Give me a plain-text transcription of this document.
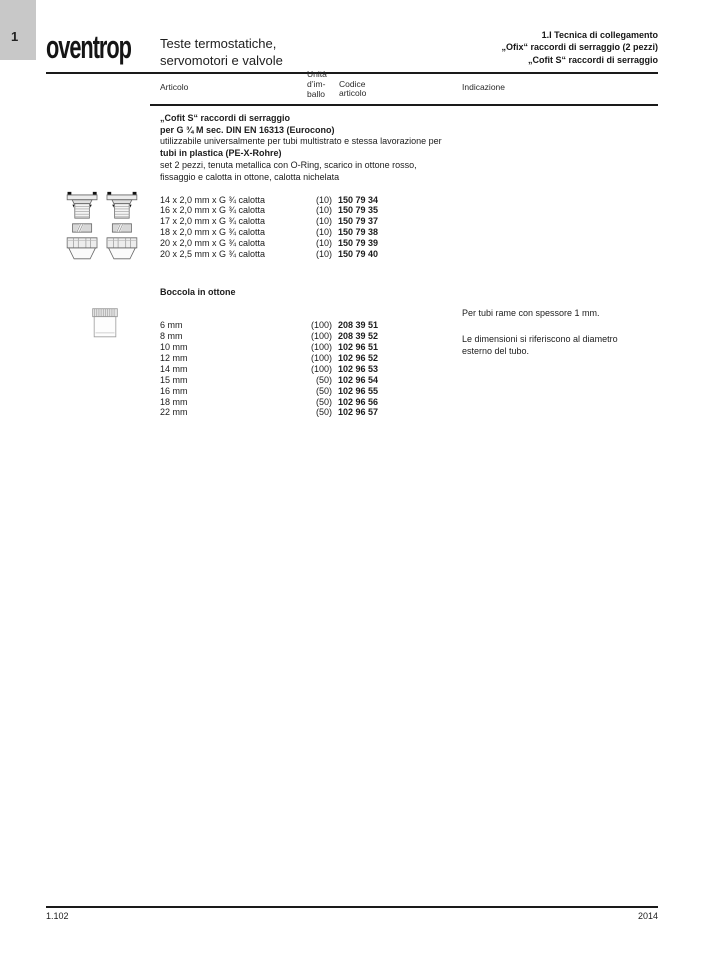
1 oventrop Teste termostatiche,
servomotori e valvole
1.I Tecnica di collegamento
„Ofix“ raccordi di serraggio (2 pezzi)
„Cofit S“ raccordi di serraggio
Articolo
Unità
d’im-
ballo
Codice
articolo
Indicazione
„Cofit S“ raccordi di serraggio
per G ¾ M sec. DIN EN 16313 (Eurocono)
utilizzabile universalmente per tubi multistrato e stessa lavorazione per
tubi in plastica (PE-X-Rohre)
set 2 pezzi, tenuta metallica con O-Ring, scarico in ottone rosso,
fissaggio e calotta in ottone, calotta nichelata
14 x 2,0 mm x G ¾ calotta	(10) 150 79 34
16 x 2,0 mm x G ¾ calotta	(10) 150 79 35
17 x 2,0 mm x G ¾ calotta	(10) 150 79 37
18 x 2,0 mm x G ¾ calotta	(10) 150 79 38
20 x 2,0 mm x G ¾ calotta	(10) 150 79 39
20 x 2,5 mm x G ¾ calotta	(10) 150 79 40
Boccola in ottone
6 mm	(100) 208 39 51
8 mm	(100) 208 39 52
10 mm	(100) 102 96 51
12 mm	(100) 102 96 52
14 mm	(100) 102 96 53
15 mm	(50) 102 96 54
16 mm	(50) 102 96 55
18 mm	(50) 102 96 56
22 mm	(50) 102 96 57
Per tubi rame con spessore 1 mm.
Le dimensioni si riferiscono al diametro
esterno del tubo.
1.102	2014
